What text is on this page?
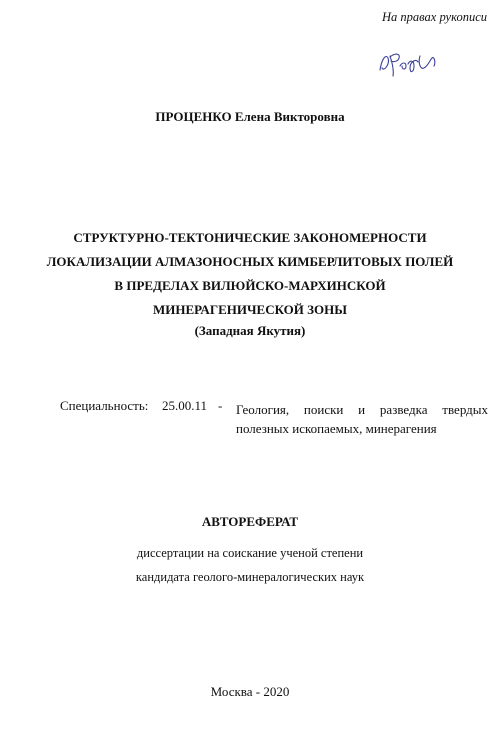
На правах рукописи
ПРОЦЕНКО Елена Викторовна
СТРУКТУРНО-ТЕКТОНИЧЕСКИЕ ЗАКОНОМЕРНОСТИ
ЛОКАЛИЗАЦИИ АЛМАЗОНОСНЫХ КИМБЕРЛИТОВЫХ ПОЛЕЙ
В ПРЕДЕЛАХ ВИЛЮЙСКО-МАРХИНСКОЙ
МИНЕРАГЕНИЧЕСКОЙ ЗОНЫ
(Западная Якутия)
Специальность: 25.00.11 - Геология, поиски и разведка твердых
полезных ископаемых, минерагения
АВТОРЕФЕРАТ
диссертации на соискание ученой степени
кандидата геолого-минералогических наук
Москва - 2020
